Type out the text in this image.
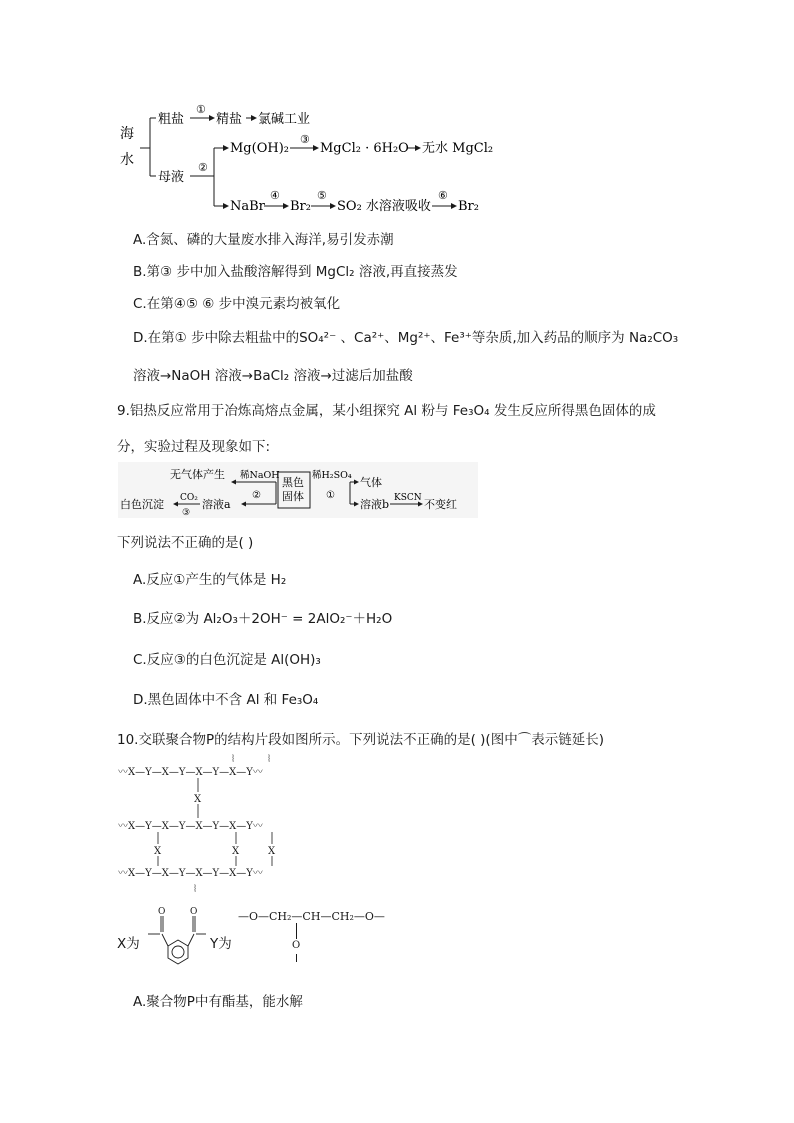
海
水
粗盐
①
精盐 氯碱工业
母液
②
Mg(OH)₂
③
MgCl₂ · 6H₂O 无水 MgCl₂
NaBr
④
Br₂
⑤
SO₂ 水溶液吸收
⑥
Br₂
A.含氮、磷的大量废水排入海洋,易引发赤潮
B.第③ 步中加入盐酸溶解得到 MgCl₂ 溶液,再直接蒸发
C.在第④⑤ ⑥ 步中溴元素均被氧化
D.在第① 步中除去粗盐中的SO₄²⁻ 、Ca²⁺、Mg²⁺、Fe³⁺等杂质,加入药品的顺序为 Na₂CO₃
溶液→NaOH 溶液→BaCl₂ 溶液→过滤后加盐酸
9.铝热反应常用于冶炼高熔点金属，某小组探究 Al 粉与 Fe₃O₄ 发生反应所得黑色固体的成
分，实验过程及现象如下:
无气体产生 稀NaOH
②
黑色
固体
稀H₂SO₄
①
气体
白色沉淀 CO₂
③
溶液a	溶液b KSCN 不变红
下列说法不正确的是( )
A.反应①产生的气体是 H₂
B.反应②为 Al₂O₃＋2OH⁻ = 2AlO₂⁻＋H₂O
C.反应③的白色沉淀是 Al(OH)₃
D.黑色固体中不含 Al 和 Fe₃O₄
10.交联聚合物P的结构片段如图所示。下列说法不正确的是( )(图中⌒表示链延长)
〰X—Y—X—Y—X—Y—X—Y〰
〰X—Y—X—Y—X—Y—X—Y〰
〰X—Y—X—Y—X—Y—X—Y〰
X
X	X	X
⦚	⦚
⦚
X为
O	O
Y为
—O—CH₂—CH—CH₂—O—
O
A.聚合物P中有酯基，能水解
